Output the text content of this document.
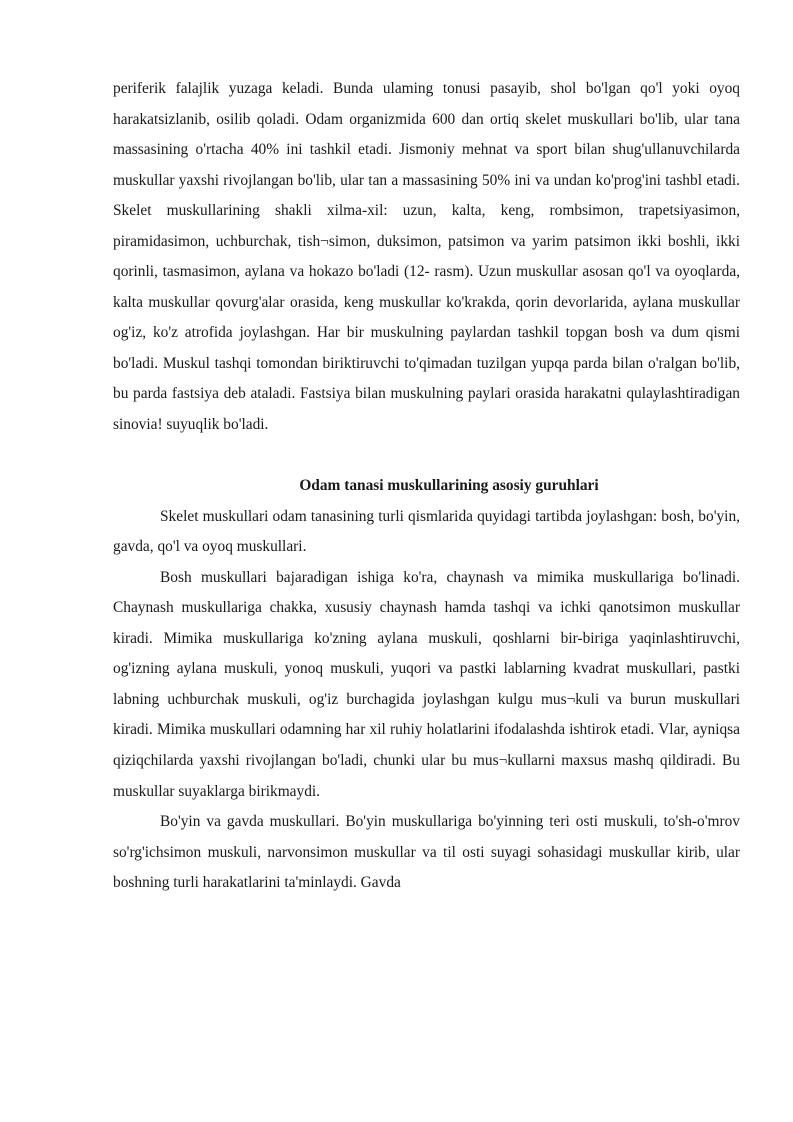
periferik falajlik yuzaga keladi. Bunda ulaming tonusi pasayib, shol bo'lgan qo'l yoki oyoq harakatsizlanib, osilib qoladi. Odam organizmida 600 dan ortiq skelet muskullari bo'lib, ular tana massasining o'rtacha 40% ini tashkil etadi. Jismoniy mehnat va sport bilan shug'ullanuvchilarda muskullar yaxshi rivojlangan bo'lib, ular tan a massasining 50% ini va undan ko'prog'ini tashbl etadi. Skelet muskullarining shakli xilma-xil: uzun, kalta, keng, rombsimon, trapetsiyasimon, piramidasimon, uchburchak, tish¬simon, duksimon, patsimon va yarim patsimon ikki boshli, ikki qorinli, tasmasimon, aylana va hokazo bo'ladi (12- rasm). Uzun muskullar asosan qo'l va oyoqlarda, kalta muskullar qovurg'alar orasida, keng muskullar ko'krakda, qorin devorlarida, aylana muskullar og'iz, ko'z atrofida joylashgan. Har bir muskulning paylardan tashkil topgan bosh va dum qismi bo'ladi. Muskul tashqi tomondan biriktiruvchi to'qimadan tuzilgan yupqa parda bilan o'ralgan bo'lib, bu parda fastsiya deb ataladi. Fastsiya bilan muskulning paylari orasida harakatni qulaylashtiradigan sinovia! suyuqlik bo'ladi.

Odam tanasi muskullarining asosiy guruhlari

Skelet muskullari odam tanasining turli qismlarida quyidagi tartibda joylashgan: bosh, bo'yin, gavda, qo'l va oyoq muskullari.

Bosh muskullari bajaradigan ishiga ko'ra, chaynash va mimika muskullariga bo'linadi. Chaynash muskullariga chakka, xususiy chaynash hamda tashqi va ichki qanotsimon muskullar kiradi. Mimika muskullariga ko'zning aylana muskuli, qoshlarni bir-biriga yaqinlashtiruvchi, og'izning aylana muskuli, yonoq muskuli, yuqori va pastki lablarning kvadrat muskullari, pastki labning uchburchak muskuli, og'iz burchagida joylashgan kulgu mus¬kuli va burun muskullari kiradi. Mimika muskullari odamning har xil ruhiy holatlarini ifodalashda ishtirok etadi. Vlar, ayniqsa qiziqchilarda yaxshi rivojlangan bo'ladi, chunki ular bu mus¬kullarni maxsus mashq qildiradi. Bu muskullar suyaklarga birikmaydi.

Bo'yin va gavda muskullari. Bo'yin muskullariga bo'yinning teri osti muskuli, to'sh-o'mrov so'rg'ichsimon muskuli, narvonsimon muskullar va til osti suyagi sohasidagi muskullar kirib, ular boshning turli harakatlarini ta'minlaydi. Gavda
